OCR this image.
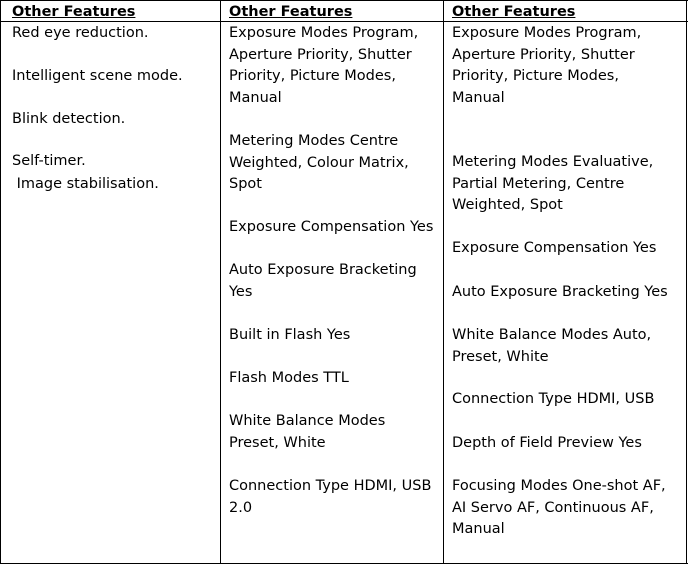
Other Features

Red eye reduction.

Intelligent scene mode.

Blink detection.

Self-timer.

Image stabilisation.

Other Features

Exposure Modes Program, Aperture Priority, Shutter Priority, Picture Modes, Manual

Metering Modes Centre Weighted, Colour Matrix, Spot

Exposure Compensation Yes

Auto Exposure Bracketing Yes

Built in Flash Yes

Flash Modes TTL

White Balance Modes Preset, White

Connection Type HDMI, USB 2.0

Other Features

Exposure Modes Program, Aperture Priority, Shutter Priority, Picture Modes, Manual

Metering Modes Evaluative, Partial Metering, Centre Weighted, Spot

Exposure Compensation Yes

Auto Exposure Bracketing Yes

White Balance Modes Auto, Preset, White

Connection Type HDMI, USB

Depth of Field Preview Yes

Focusing Modes One-shot AF, AI Servo AF, Continuous AF, Manual
